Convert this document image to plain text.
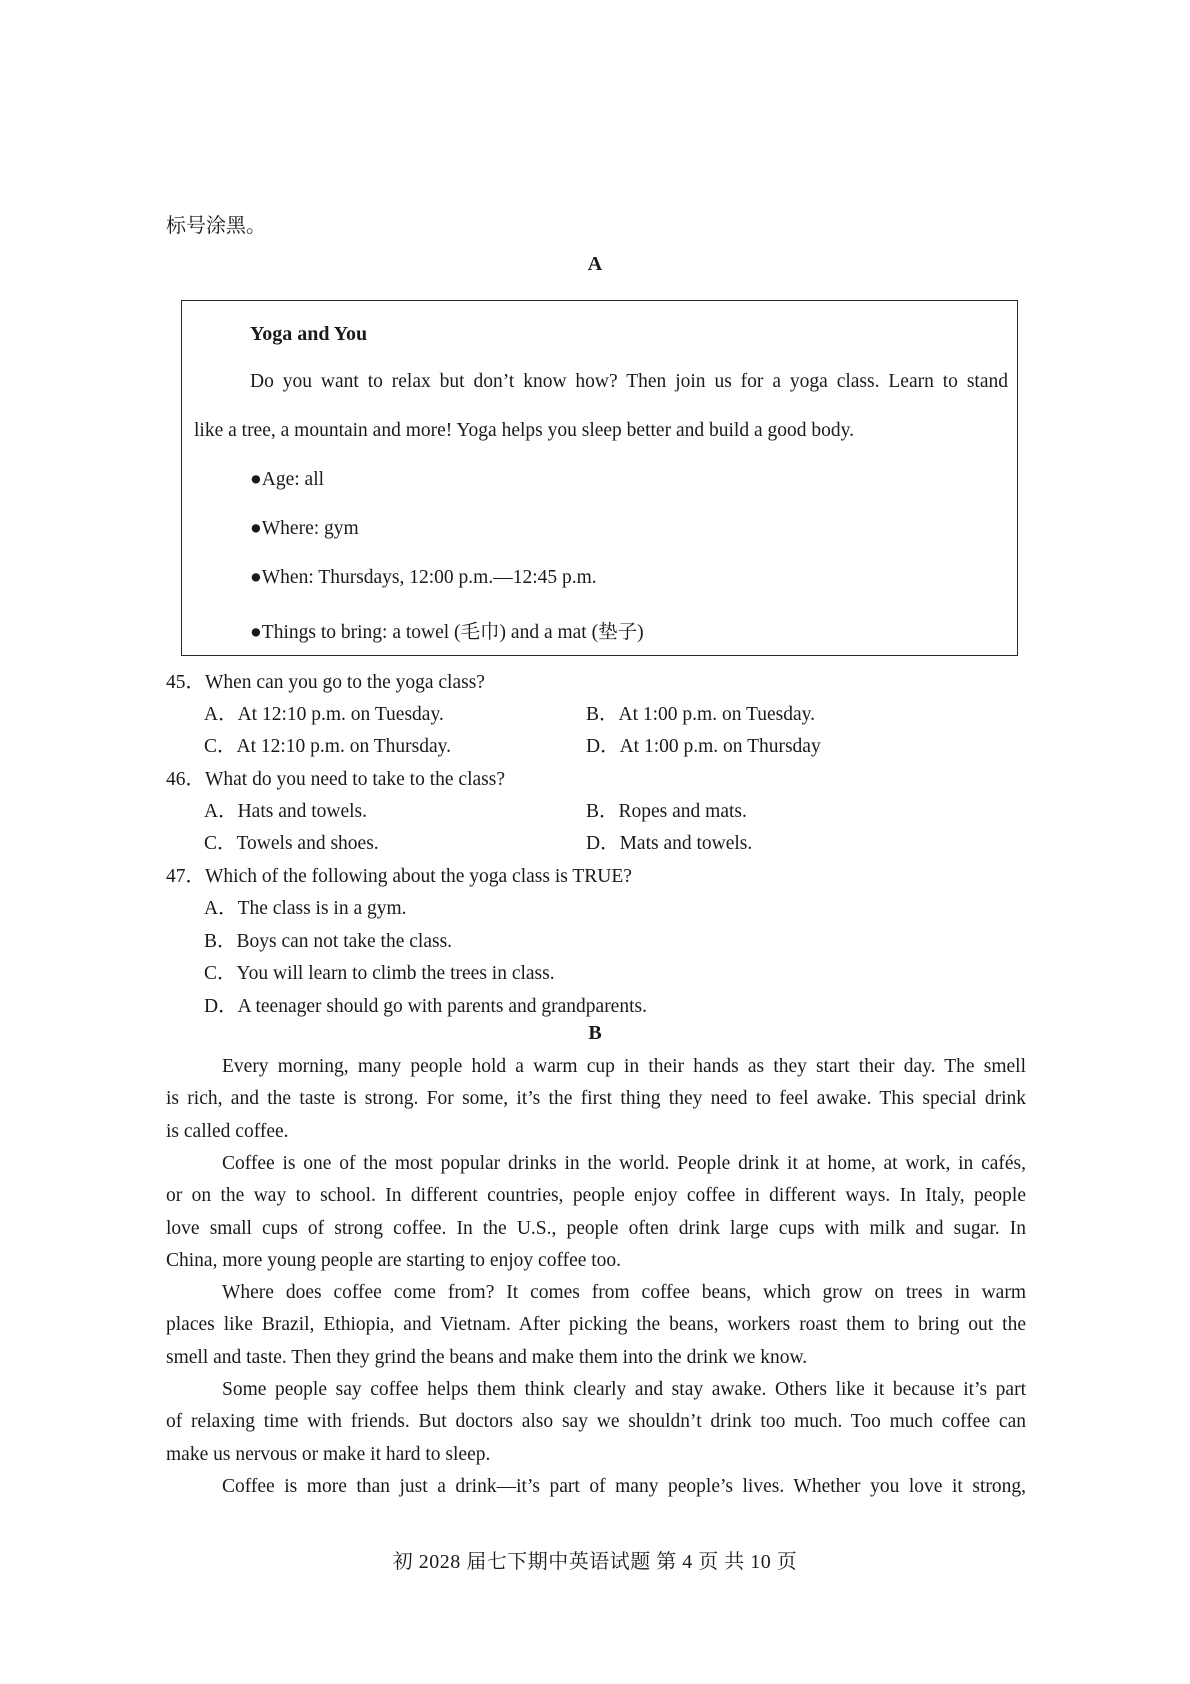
标号涂黑。
A
Yoga and You
Do you want to relax but don’t know how? Then join us for a yoga class. Learn to stand
like a tree, a mountain and more! Yoga helps you sleep better and build a good body.
●Age: all
●Where: gym
●When: Thursdays, 12:00 p.m.—12:45 p.m.
●Things to bring: a towel (毛巾) and a mat (垫子)
45．When can you go to the yoga class?
A．At 12:10 p.m. on Tuesday.	B．At 1:00 p.m. on Tuesday.
C．At 12:10 p.m. on Thursday.	D．At 1:00 p.m. on Thursday
46．What do you need to take to the class?
A．Hats and towels.	B．Ropes and mats.
C．Towels and shoes.	D．Mats and towels.
47．Which of the following about the yoga class is TRUE?
A．The class is in a gym.
B．Boys can not take the class.
C．You will learn to climb the trees in class.
D．A teenager should go with parents and grandparents.
B
Every morning, many people hold a warm cup in their hands as they start their day. The smell
is rich, and the taste is strong. For some, it’s the first thing they need to feel awake. This special drink
is called coffee.
Coffee is one of the most popular drinks in the world. People drink it at home, at work, in cafés,
or on the way to school. In different countries, people enjoy coffee in different ways. In Italy, people
love small cups of strong coffee. In the U.S., people often drink large cups with milk and sugar. In
China, more young people are starting to enjoy coffee too.
Where does coffee come from? It comes from coffee beans, which grow on trees in warm
places like Brazil, Ethiopia, and Vietnam. After picking the beans, workers roast them to bring out the
smell and taste. Then they grind the beans and make them into the drink we know.
Some people say coffee helps them think clearly and stay awake. Others like it because it’s part
of relaxing time with friends. But doctors also say we shouldn’t drink too much. Too much coffee can
make us nervous or make it hard to sleep.
Coffee is more than just a drink—it’s part of many people’s lives. Whether you love it strong,
初 2028 届七下期中英语试题 第 4 页 共 10 页
